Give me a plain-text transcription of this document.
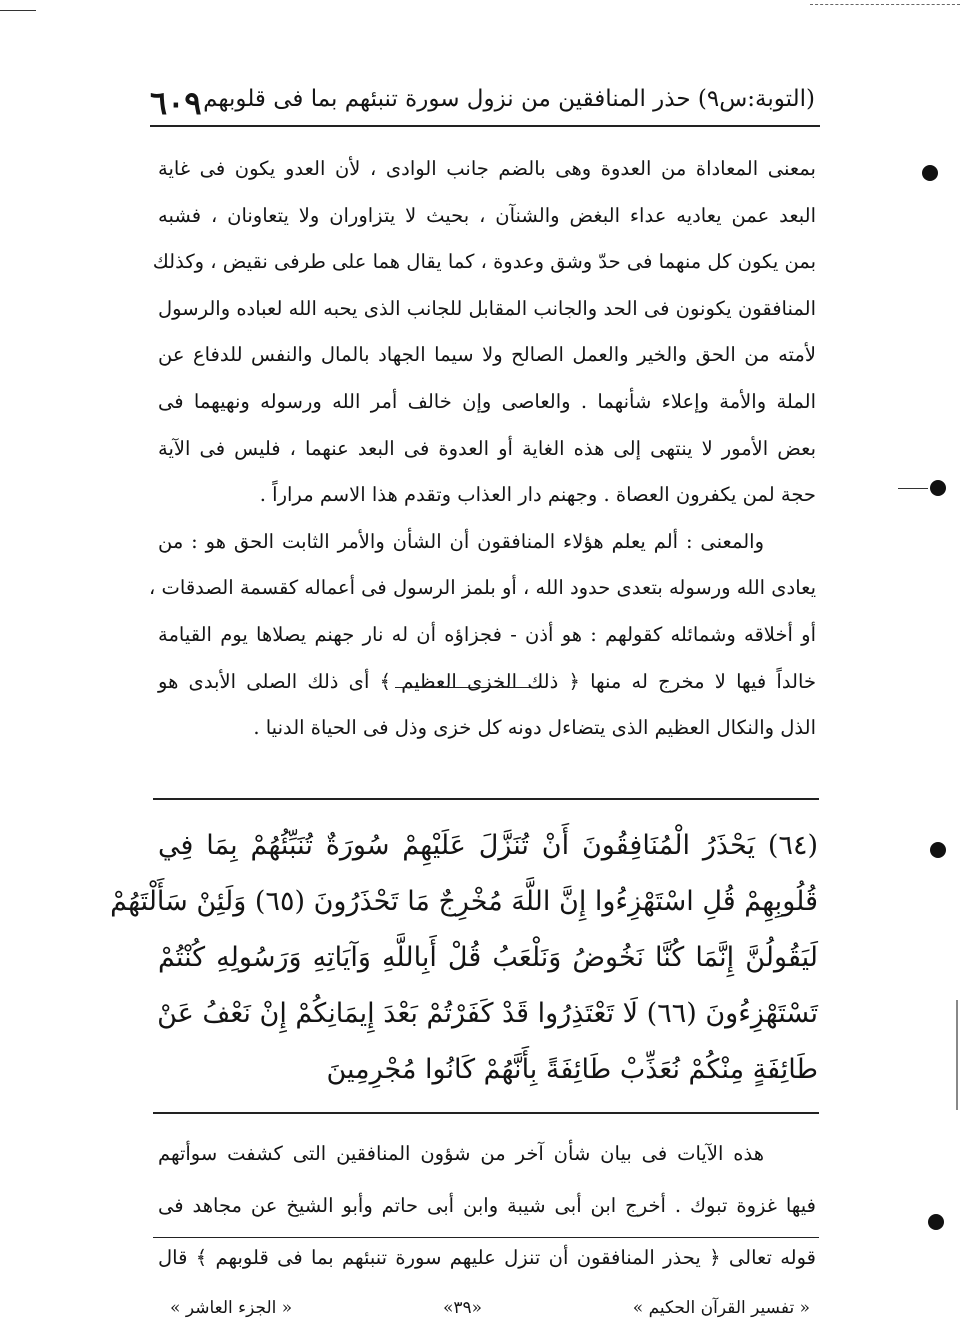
٦٠٩ (التوبة:س٩) حذر المنافقين من نزول سورة تنبئهم بما فى قلوبهم
بمعنى المعاداة من العدوة وهى بالضم جانب الوادى ، لأن العدو يكون فى غاية
البعد عمن يعاديه عداء البغض والشنآن ، بحيث لا يتزاوران ولا يتعاونان ، فشبه
بمن يكون كل منهما فى حدّ وشق وعدوة ، كما يقال هما على طرفى نقيض ، وكذلك
المنافقون يكونون فى الحد والجانب المقابل للجانب الذى يحبه الله لعباده والرسول
لأمته من الحق والخير والعمل الصالح ولا سيما الجهاد بالمال والنفس للدفاع عن
الملة والأمة وإعلاء شأنهما . والعاصى وإن خالف أمر الله ورسوله ونهيهما فى
بعض الأمور لا ينتهى إلى هذه الغاية أو العدوة فى البعد عنهما ، فليس فى الآية
حجة لمن يكفرون العصاة . وجهنم دار العذاب وتقدم هذا الاسم مراراً .
والمعنى : ألم يعلم هؤلاء المنافقون أن الشأن والأمر الثابت الحق هو : من
يعادى الله ورسوله بتعدى حدود الله ، أو بلمز الرسول فى أعماله كقسمة الصدقات ،
أو أخلاقه وشمائله كقولهم : هو أذن - فجزاؤه أن له نار جهنم يصلاها يوم القيامة
خالداً فيها لا مخرج له منها ﴿ ذلك الخزى العظيم ﴾ أى ذلك الصلى الأبدى هو
الذل والنكال العظيم الذى يتضاءل دونه كل خزى وذل فى الحياة الدنيا .
(٦٤) يَحْذَرُ الْمُنَافِقُونَ أَنْ تُنَزَّلَ عَلَيْهِمْ سُورَةٌ تُنَبِّئُهُمْ بِمَا فِي
قُلُوبِهِمْ قُلِ اسْتَهْزِءُوا إِنَّ اللَّهَ مُخْرِجٌ مَا تَحْذَرُونَ (٦٥) وَلَئِنْ سَأَلْتَهُمْ
لَيَقُولُنَّ إِنَّمَا كُنَّا نَخُوضُ وَنَلْعَبُ قُلْ أَبِاللَّهِ وَآيَاتِهِ وَرَسُولِهِ كُنْتُمْ
تَسْتَهْزِءُونَ (٦٦) لَا تَعْتَذِرُوا قَدْ كَفَرْتُمْ بَعْدَ إِيمَانِكُمْ إِنْ نَعْفُ عَنْ
طَائِفَةٍ مِنْكُمْ نُعَذِّبْ طَائِفَةً بِأَنَّهُمْ كَانُوا مُجْرِمِينَ
هذه الآيات فى بيان شأن آخر من شؤون المنافقين التى كشفت سوأتهم
فيها غزوة تبوك . أخرج ابن أبى شيبة وابن أبى حاتم وأبو الشيخ عن مجاهد فى
قوله تعالى ﴿ يحذر المنافقون أن تنزل عليهم سورة تنبئهم بما فى قلوبهم ﴾ قال
« تفسير القرآن الحكيم »
«٣٩»
« الجزء العاشر »
